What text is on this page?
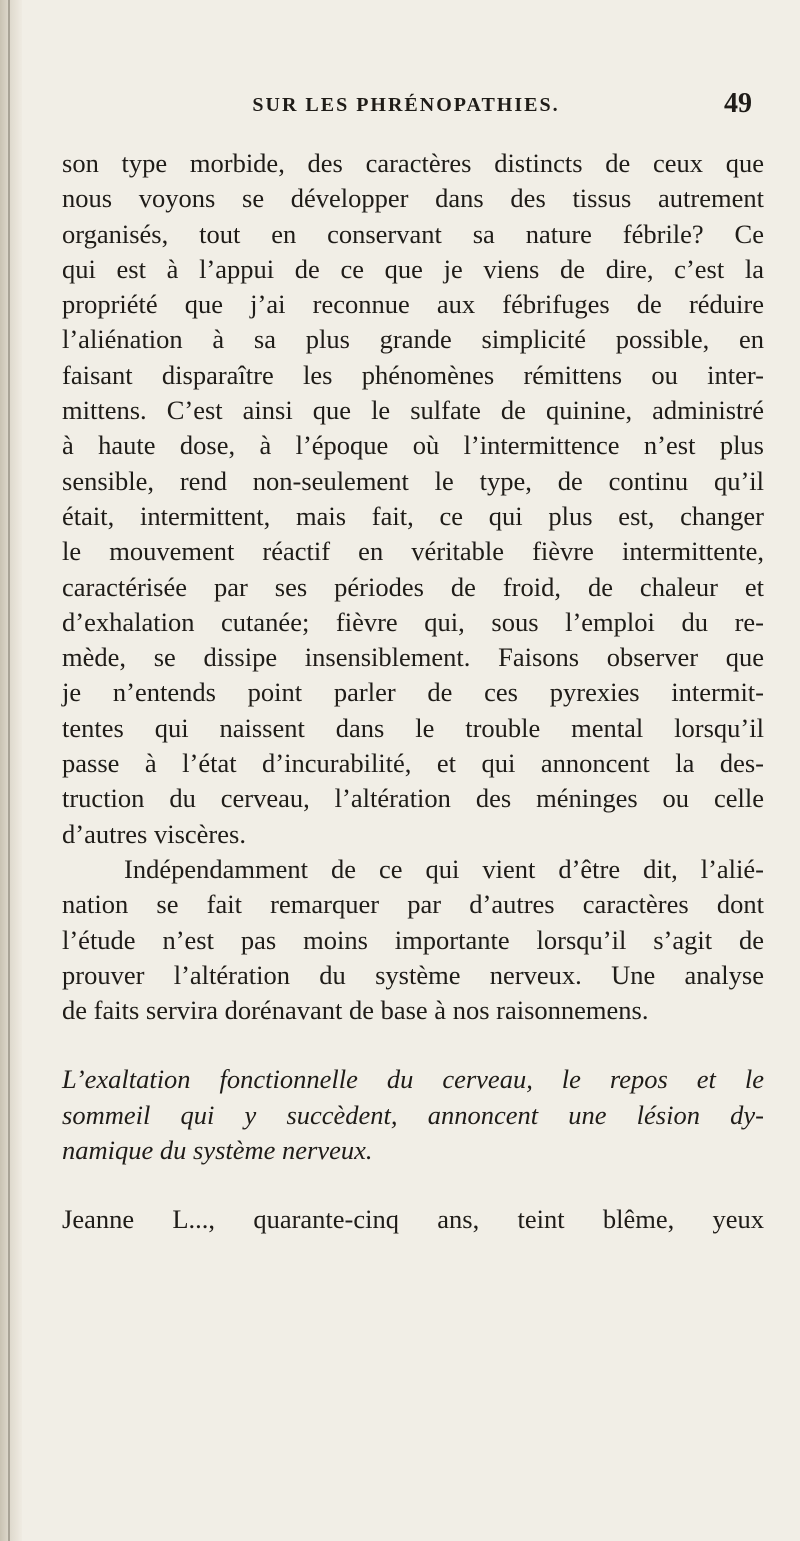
SUR LES PHRÉNOPATHIES.	49
son type morbide, des caractères distincts de ceux que
nous voyons se développer dans des tissus autrement
organisés, tout en conservant sa nature fébrile? Ce
qui est à l’appui de ce que je viens de dire, c’est la
propriété que j’ai reconnue aux fébrifuges de réduire
l’aliénation à sa plus grande simplicité possible, en
faisant disparaître les phénomènes rémittens ou inter-
mittens. C’est ainsi que le sulfate de quinine, administré
à haute dose, à l’époque où l’intermittence n’est plus
sensible, rend non-seulement le type, de continu qu’il
était, intermittent, mais fait, ce qui plus est, changer
le mouvement réactif en véritable fièvre intermittente,
caractérisée par ses périodes de froid, de chaleur et
d’exhalation cutanée; fièvre qui, sous l’emploi du re-
mède, se dissipe insensiblement. Faisons observer que
je n’entends point parler de ces pyrexies intermit-
tentes qui naissent dans le trouble mental lorsqu’il
passe à l’état d’incurabilité, et qui annoncent la des-
truction du cerveau, l’altération des méninges ou celle
d’autres viscères.
Indépendamment de ce qui vient d’être dit, l’alié-
nation se fait remarquer par d’autres caractères dont
l’étude n’est pas moins importante lorsqu’il s’agit de
prouver l’altération du système nerveux. Une analyse
de faits servira dorénavant de base à nos raisonnemens.
L’exaltation fonctionnelle du cerveau, le repos et le
sommeil qui y succèdent, annoncent une lésion dy-
namique du système nerveux.
Jeanne L..., quarante-cinq ans, teint blême, yeux
